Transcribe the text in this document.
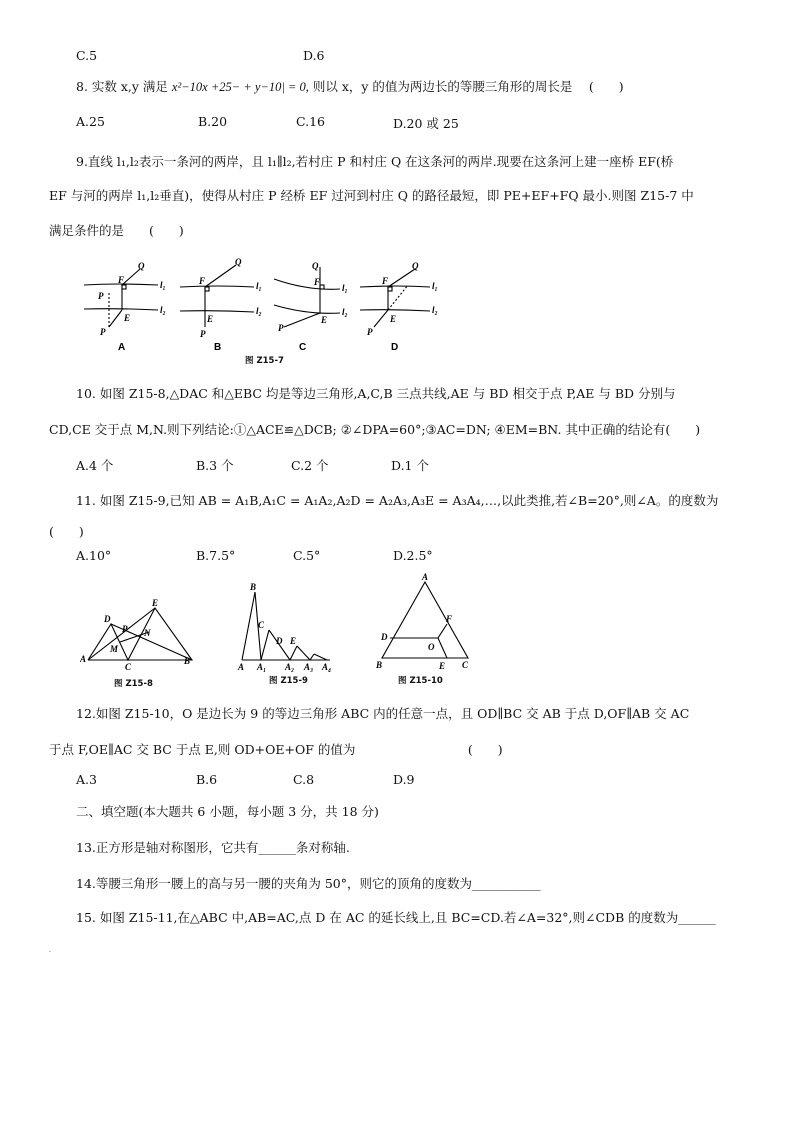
C.5	D.6
8. 实数 x,y 满足 x²−10x +25− + y−10| = 0, 则以 x，y 的值为两边长的等腰三角形的周长是　 (　　)
A.25	B.20	C.16	D.20 或 25
9.直线 l₁,l₂表示一条河的两岸，且 l₁∥l₂,若村庄 P 和村庄 Q 在这条河的两岸.现要在这条河上建一座桥 EF(桥
EF 与河的两岸 l₁,l₂垂直)，使得从村庄 P 经桥 EF 过河到村庄 Q 的路径最短，即 PE+EF+FQ 最小.则图 Z15-7 中
满足条件的是　　(　　)
Q
F
P
E
P
l₁
l₂
Q
F
E
P
l₁
l₂
Q
F
E
P
l₁
l₂
Q
F
E
P
l₁
l₂
A	B	C	D
图 Z15-7
10. 如图 Z15-8,△DAC 和△EBC 均是等边三角形,A,C,B 三点共线,AE 与 BD 相交于点 P,AE 与 BD 分别与
CD,CE 交于点 M,N.则下列结论:①△ACE≌△DCB; ②∠DPA=60°;③AC=DN; ④EM=BN. 其中正确的结论有(　　)
A.4 个	B.3 个	C.2 个	D.1 个
11. 如图 Z15-9,已知 AB = A₁B,A₁C = A₁A₂,A₂D = A₂A₃,A₃E = A₃A₄,…,以此类推,若∠B=20°,则∠A。的度数为
(　　)
A.10°	B.7.5°	C.5°	D.2.5°
A
D
E
B
C
P
M
N
B
C
D E
A A₁ A₂ A₃ A₄
A
D
F
O
B	E C
图 Z15-8	图 Z15-9	图 Z15-10
12.如图 Z15-10，O 是边长为 9 的等边三角形 ABC 内的任意一点，且 OD∥BC 交 AB 于点 D,OF∥AB 交 AC
于点 F,OE∥AC 交 BC 于点 E,则 OD+OE+OF 的值为　　　　　　　　　(　　)
A.3	B.6	C.8	D.9
二、填空题(本大题共 6 小题，每小题 3 分，共 18 分)
13.正方形是轴对称图形，它共有______条对称轴.
14.等腰三角形一腰上的高与另一腰的夹角为 50°，则它的顶角的度数为___________
15. 如图 Z15-11,在△ABC 中,AB=AC,点 D 在 AC 的延长线上,且 BC=CD.若∠A=32°,则∠CDB 的度数为______
.
